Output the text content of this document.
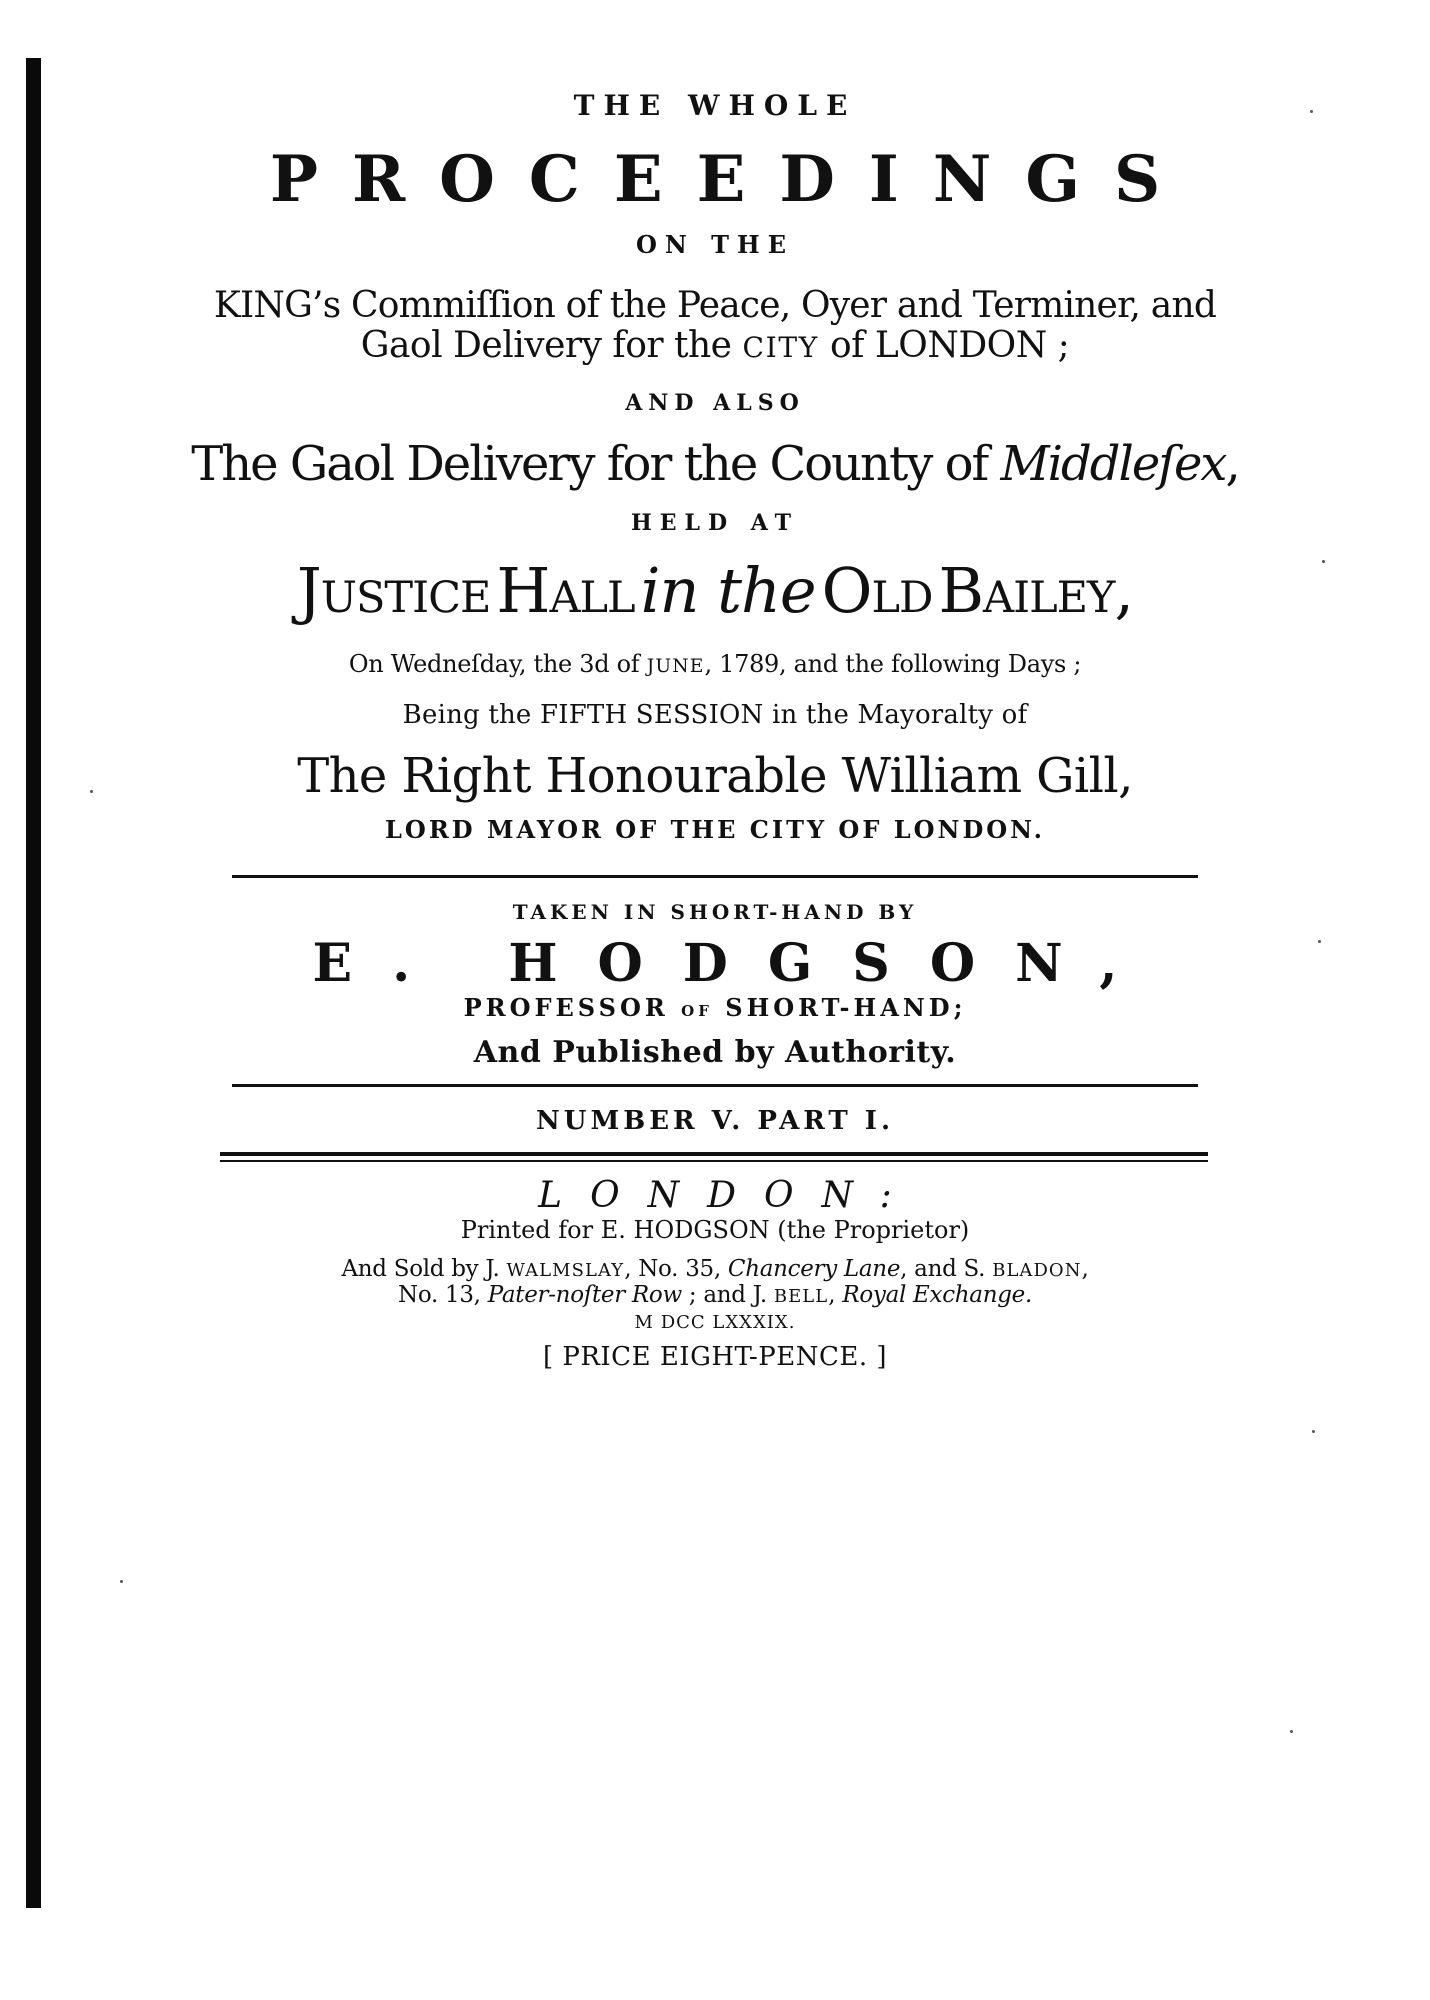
THE WHOLE
PROCEEDINGS
ON THE
KING’s Commiſſion of the Peace, Oyer and Terminer, and
Gaol Delivery for the CITY of LONDON ;
AND ALSO
The Gaol Delivery for the County of Middleſex,
HELD AT
JusticeHallin theOldBailey,
On Wedneſday, the 3d of JUNE, 1789, and the following Days ;
Being the FIFTH SESSION in the Mayoralty of
The Right Honourable William Gill,
LORD MAYOR OF THE CITY OF LONDON.
TAKEN IN SHORT-HAND BY
E. HODGSON,
PROFESSOR OF SHORT-HAND;
And Published by Authority.
NUMBER V. PART I.
LONDON:
Printed for E. HODGSON (the Proprietor)
And Sold by J. WALMSLAY, No. 35, Chancery Lane, and S. BLADON,
No. 13, Pater-noſter Row ; and J. BELL, Royal Exchange.
M DCC LXXXIX.
[ PRICE EIGHT-PENCE. ]
